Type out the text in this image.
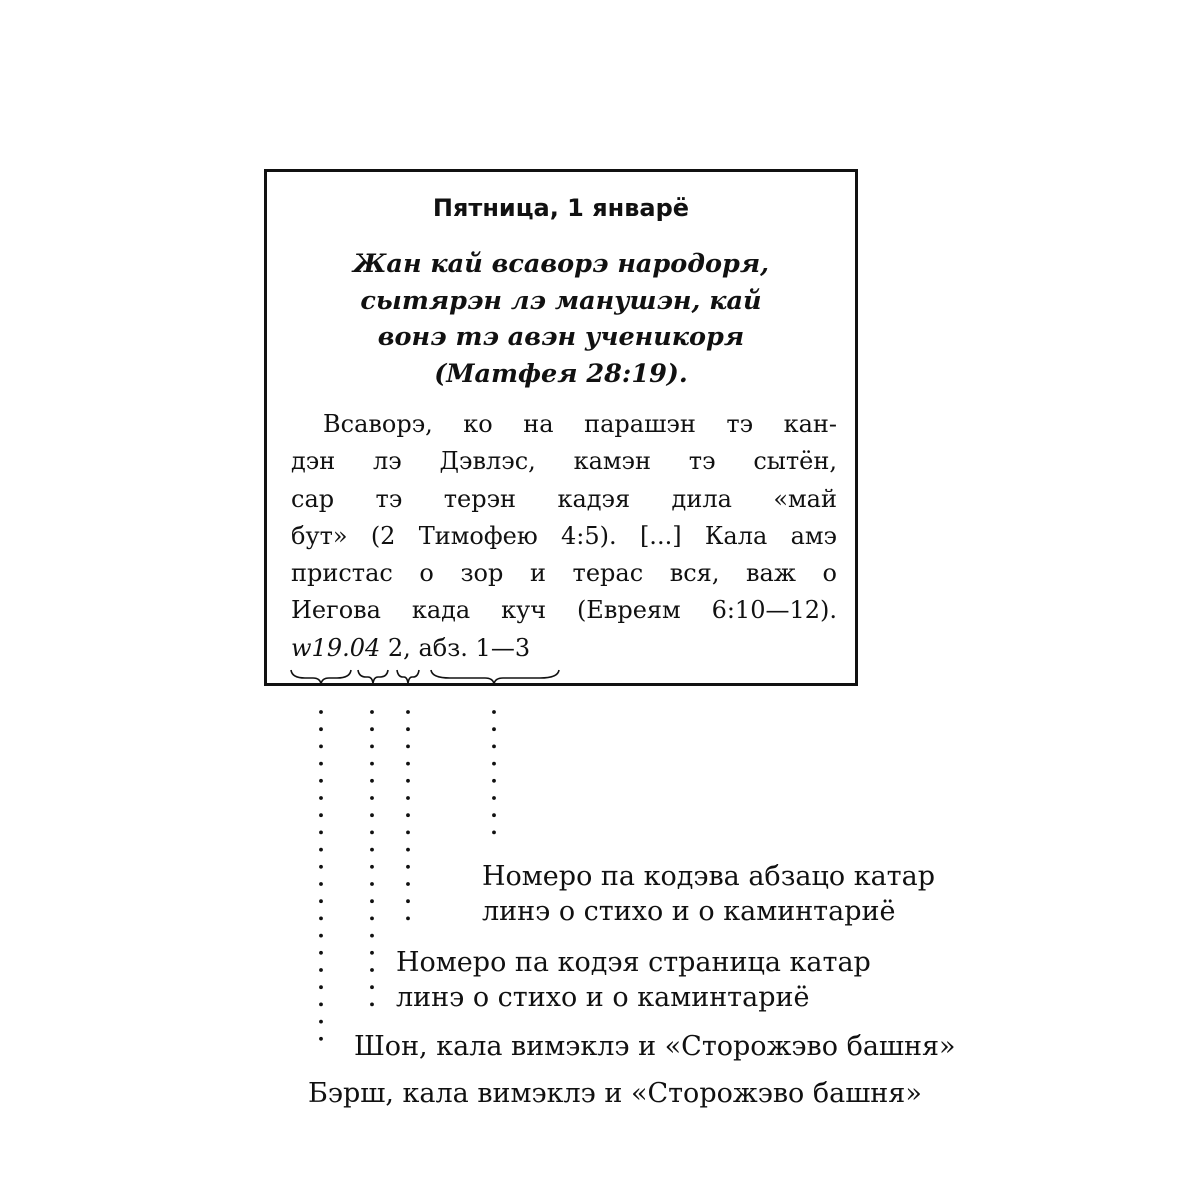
Пятница, 1 январё
Жан кай всаворэ народоря,
сытярэн лэ манушэн, кай
вонэ тэ авэн ученикоря
(Матфея 28:19).
Всаворэ, ко на парашэн тэ кан-
дэн лэ Дэвлэс, камэн тэ сытён,
сар тэ терэн кадэя дила «май
бут» (2 Тимофею 4:5). [...] Кала амэ
пристас о зор и терас вся, важ о
Иегова када куч (Евреям 6:10—12).
w19.04 2, абз. 1—3
Номеро па кодэва абзацо катар
линэ о стихо и о каминтариё
Номеро па кодэя страница катар
линэ о стихо и о каминтариё
Шон, кала вимэклэ и «Сторожэво башня»
Бэрш, кала вимэклэ и «Сторожэво башня»
